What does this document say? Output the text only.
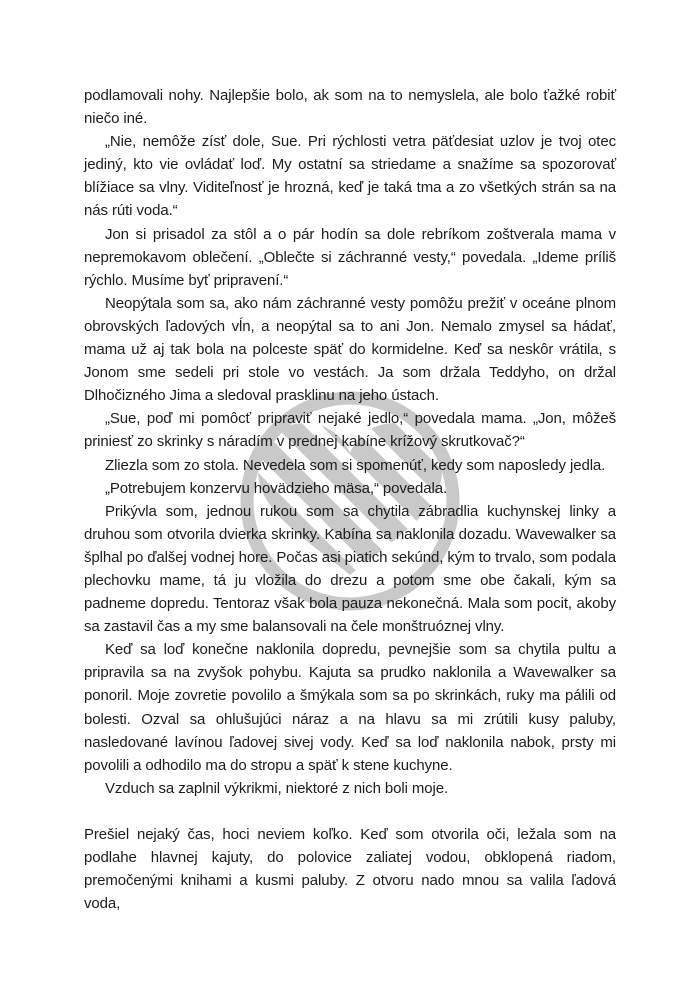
podlamovali nohy. Najlepšie bolo, ak som na to nemyslela, ale bolo ťažké robiť niečo iné.

„Nie, nemôže zísť dole, Sue. Pri rýchlosti vetra päťdesiat uzlov je tvoj otec jediný, kto vie ovládať loď. My ostatní sa striedame a snažíme sa spozorovať blížiace sa vlny. Viditeľnosť je hrozná, keď je taká tma a zo všetkých strán sa na nás rúti voda.“

Jon si prisadol za stôl a o pár hodín sa dole rebríkom zoštverala mama v nepremokavom oblečení. „Oblečte si záchranné vesty,“ povedala. „Ideme príliš rýchlo. Musíme byť pripravení.“

Neopýtala som sa, ako nám záchranné vesty pomôžu prežiť v oceáne plnom obrovských ľadových vĺn, a neopýtal sa to ani Jon. Nemalo zmysel sa hádať, mama už aj tak bola na polceste späť do kormidelne. Keď sa neskôr vrátila, s Jonom sme sedeli pri stole vo vestách. Ja som držala Teddyho, on držal Dlhočizného Jima a sledoval prasklinu na jeho ústach.

„Sue, poď mi pomôcť pripraviť nejaké jedlo,“ povedala mama. „Jon, môžeš priniesť zo skrinky s náradím v prednej kabíne krížový skrutkovač?“

Zliezla som zo stola. Nevedela som si spomenúť, kedy som naposledy jedla.

„Potrebujem konzervu hovädzieho mäsa,“ povedala.

Prikývla som, jednou rukou som sa chytila zábradlia kuchynskej linky a druhou som otvorila dvierka skrinky. Kabína sa naklonila dozadu. Wavewalker sa šplhal po ďalšej vodnej hore. Počas asi piatich sekúnd, kým to trvalo, som podala plechovku mame, tá ju vložila do drezu a potom sme obe čakali, kým sa padneme dopredu. Tentoraz však bola pauza nekonečná. Mala som pocit, akoby sa zastavil čas a my sme balansovali na čele monštruóznej vlny.

Keď sa loď konečne naklonila dopredu, pevnejšie som sa chytila pultu a pripravila sa na zvyšok pohybu. Kajuta sa prudko naklonila a Wavewalker sa ponoril. Moje zovretie povolilo a šmýkala som sa po skrinkách, ruky ma pálili od bolesti. Ozval sa ohlušujúci náraz a na hlavu sa mi zrútili kusy paluby, nasledované lavínou ľadovej sivej vody. Keď sa loď naklonila nabok, prsty mi povolili a odhodilo ma do stropu a späť k stene kuchyne.

Vzduch sa zaplnil výkrikmi, niektoré z nich boli moje.

Prešiel nejaký čas, hoci neviem koľko. Keď som otvorila oči, ležala som na podlahe hlavnej kajuty, do polovice zaliatej vodou, obklopená riadom, premočenými knihami a kusmi paluby. Z otvoru nado mnou sa valila ľadová voda,
